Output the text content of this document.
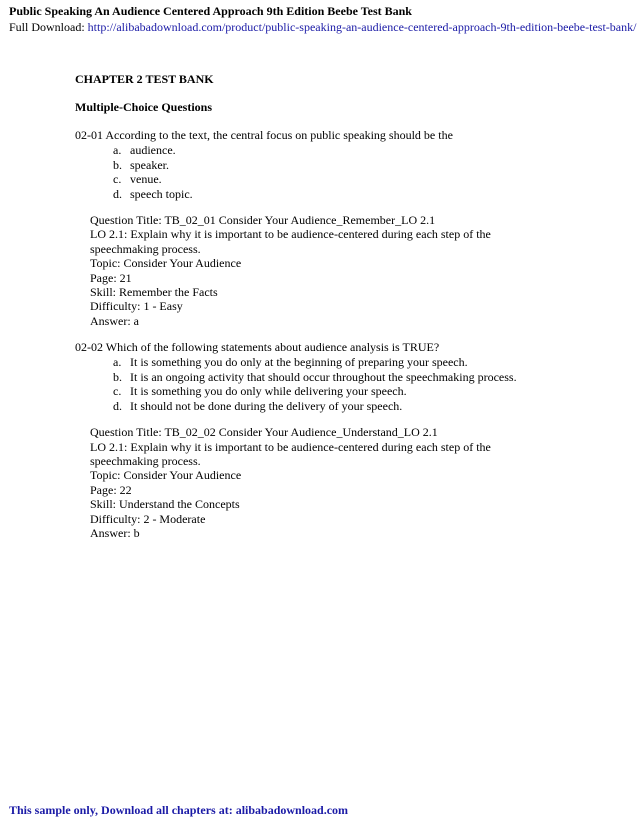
Public Speaking An Audience Centered Approach 9th Edition Beebe Test Bank
Full Download: http://alibabadownload.com/product/public-speaking-an-audience-centered-approach-9th-edition-beebe-test-bank/
CHAPTER 2 TEST BANK
Multiple-Choice Questions
02-01 According to the text, the central focus on public speaking should be the
a. audience.
b. speaker.
c. venue.
d. speech topic.
Question Title: TB_02_01 Consider Your Audience_Remember_LO 2.1
LO 2.1: Explain why it is important to be audience-centered during each step of the speechmaking process.
Topic: Consider Your Audience
Page: 21
Skill: Remember the Facts
Difficulty: 1 - Easy
Answer: a
02-02 Which of the following statements about audience analysis is TRUE?
a. It is something you do only at the beginning of preparing your speech.
b. It is an ongoing activity that should occur throughout the speechmaking process.
c. It is something you do only while delivering your speech.
d. It should not be done during the delivery of your speech.
Question Title: TB_02_02 Consider Your Audience_Understand_LO 2.1
LO 2.1: Explain why it is important to be audience-centered during each step of the speechmaking process.
Topic: Consider Your Audience
Page: 22
Skill: Understand the Concepts
Difficulty: 2 - Moderate
Answer: b
This sample only, Download all chapters at: alibabadownload.com
